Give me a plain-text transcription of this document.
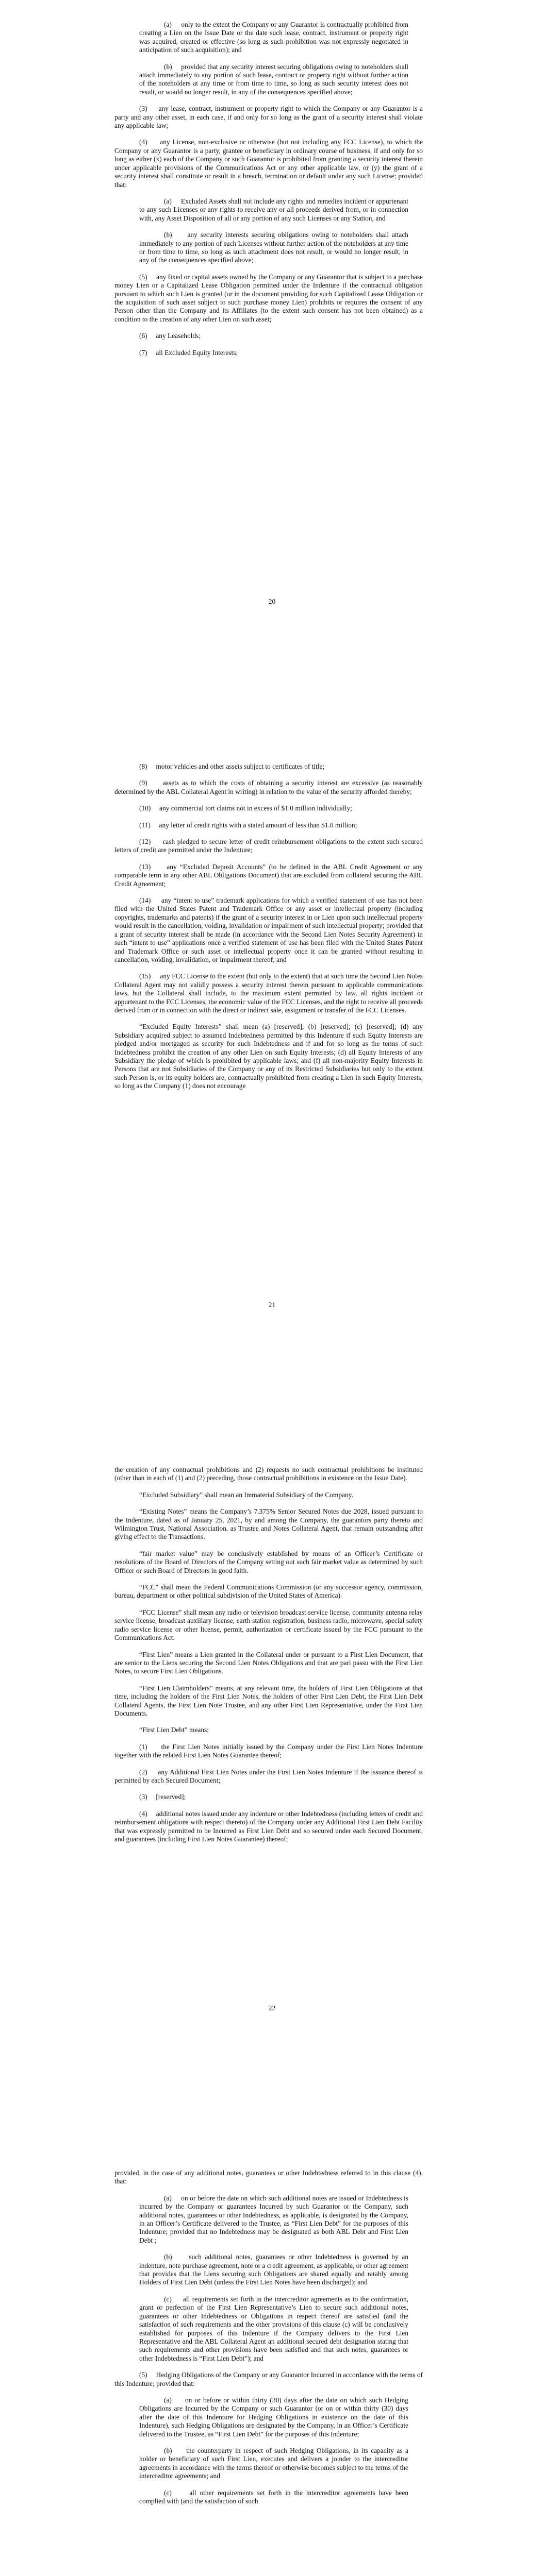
(a)     only to the extent the Company or any Guarantor is contractually prohibited from creating a Lien on the Issue Date or the date such lease, contract, instrument or property right was acquired, created or effective (so long as such prohibition was not expressly negotiated in anticipation of such acquisition); and

(b)     provided that any security interest securing obligations owing to noteholders shall attach immediately to any portion of such lease, contract or property right without further action of the noteholders at any time or from time to time, so long as such security interest does not result, or would no longer result, in any of the consequences specified above;

(3)     any lease, contract, instrument or property right to which the Company or any Guarantor is a party and any other asset, in each case, if and only for so long as the grant of a security interest shall violate any applicable law;

(4)     any License, non-exclusive or otherwise (but not including any FCC License), to which the Company or any Guarantor is a party, grantee or beneficiary in ordinary course of business, if and only for so long as either (x) each of the Company or such Guarantor is prohibited from granting a security interest therein under applicable provisions of the Communications Act or any other applicable law, or (y) the grant of a security interest shall constitute or result in a breach, termination or default under any such License; provided that:

(a)     Excluded Assets shall not include any rights and remedies incident or appurtenant to any such Licenses or any rights to receive any or all proceeds derived from, or in connection with, any Asset Disposition of all or any portion of any such Licenses or any Station, and

(b)     any security interests securing obligations owing to noteholders shall attach immediately to any portion of such Licenses without further action of the noteholders at any time or from time to time, so long as such attachment does not result, or would no longer result, in any of the consequences specified above;

(5)     any fixed or capital assets owned by the Company or any Guarantor that is subject to a purchase money Lien or a Capitalized Lease Obligation permitted under the Indenture if the contractual obligation pursuant to which such Lien is granted (or in the document providing for such Capitalized Lease Obligation or the acquisition of such asset subject to such purchase money Lien) prohibits or requires the consent of any Person other than the Company and its Affiliates (to the extent such consent has not been obtained) as a condition to the creation of any other Lien on such asset;

(6)     any Leaseholds;

(7)     all Excluded Equity Interests;

20

(8)     motor vehicles and other assets subject to certificates of title;

(9)     assets as to which the costs of obtaining a security interest are excessive (as reasonably determined by the ABL Collateral Agent in writing) in relation to the value of the security afforded thereby;

(10)     any commercial tort claims not in excess of $1.0 million individually;

(11)     any letter of credit rights with a stated amount of less than $1.0 million;

(12)     cash pledged to secure letter of credit reimbursement obligations to the extent such secured letters of credit are permitted under the Indenture;

(13)     any “Excluded Deposit Accounts” (to be defined in the ABL Credit Agreement or any comparable term in any other ABL Obligations Document) that are excluded from collateral securing the ABL Credit Agreement;

(14)     any “intent to use” trademark applications for which a verified statement of use has not been filed with the United States Patent and Trademark Office or any asset or intellectual property (including copyrights, trademarks and patents) if the grant of a security interest in or Lien upon such intellectual property would result in the cancellation, voiding, invalidation or impairment of such intellectual property; provided that a grant of security interest shall be made (in accordance with the Second Lien Notes Security Agreement) in such “intent to use” applications once a verified statement of use has been filed with the United States Patent and Trademark Office or such asset or intellectual property once it can be granted without resulting in cancellation, voiding, invalidation, or impairment thereof; and

(15)     any FCC License to the extent (but only to the extent) that at such time the Second Lien Notes Collateral Agent may not validly possess a security interest therein pursuant to applicable communications laws, but the Collateral shall include, to the maximum extent permitted by law, all rights incident or appurtenant to the FCC Licenses, the economic value of the FCC Licenses, and the right to receive all proceeds derived from or in connection with the direct or indirect sale, assignment or transfer of the FCC Licenses.

“Excluded Equity Interests” shall mean (a) [reserved]; (b) [reserved]; (c) [reserved]; (d) any Subsidiary acquired subject to assumed Indebtedness permitted by this Indenture if such Equity Interests are pledged and/or mortgaged as security for such Indebtedness and if and for so long as the terms of such Indebtedness prohibit the creation of any other Lien on such Equity Interests; (d) all Equity Interests of any Subsidiary the pledge of which is prohibited by applicable laws; and (f) all non-majority Equity Interests in Persons that are not Subsidiaries of the Company or any of its Restricted Subsidiaries but only to the extent such Person is, or its equity holders are, contractually prohibited from creating a Lien in such Equity Interests, so long as the Company (1) does not encourage

21

the creation of any contractual prohibitions and (2) requests no such contractual prohibitions be instituted (other than in each of (1) and (2) preceding, those contractual prohibitions in existence on the Issue Date).

“Excluded Subsidiary” shall mean an Immaterial Subsidiary of the Company.

“Existing Notes” means the Company’s 7.375% Senior Secured Notes due 2028, issued pursuant to the Indenture, dated as of January 25, 2021, by and among the Company, the guarantors party thereto and Wilmington Trust, National Association, as Trustee and Notes Collateral Agent, that remain outstanding after giving effect to the Transactions.

“fair market value” may be conclusively established by means of an Officer’s Certificate or resolutions of the Board of Directors of the Company setting out such fair market value as determined by such Officer or such Board of Directors in good faith.

“FCC” shall mean the Federal Communications Commission (or any successor agency, commission, bureau, department or other political subdivision of the United States of America).

“FCC License” shall mean any radio or television broadcast service license, community antenna relay service license, broadcast auxiliary license, earth station registration, business radio, microwave, special safety radio service license or other license, permit, authorization or certificate issued by the FCC pursuant to the Communications Act.

“First Lien” means a Lien granted in the Collateral under or pursuant to a First Lien Document, that are senior to the Liens securing the Second Lien Notes Obligations and that are pari passu with the First Lien Notes, to secure First Lien Obligations.

“First Lien Claimholders” means, at any relevant time, the holders of First Lien Obligations at that time, including the holders of the First Lien Notes, the holders of other First Lien Debt, the First Lien Debt Collateral Agents, the First Lien Note Trustee, and any other First Lien Representative, under the First Lien Documents.

“First Lien Debt” means:

(1)     the First Lien Notes initially issued by the Company under the First Lien Notes Indenture together with the related First Lien Notes Guarantee thereof;

(2)     any Additional First Lien Notes under the First Lien Notes Indenture if the issuance thereof is permitted by each Secured Document;

(3)     [reserved];

(4)     additional notes issued under any indenture or other Indebtedness (including letters of credit and reimbursement obligations with respect thereto) of the Company under any Additional First Lien Debt Facility that was expressly permitted to be Incurred as First Lien Debt and so secured under each Secured Document, and guarantees (including First Lien Notes Guarantee) thereof;

22

provided, in the case of any additional notes, guarantees or other Indebtedness referred to in this clause (4), that:

(a)     on or before the date on which such additional notes are issued or Indebtedness is incurred by the Company or guarantees Incurred by such Guarantor or the Company, such additional notes, guarantees or other Indebtedness, as applicable, is designated by the Company, in an Officer’s Certificate delivered to the Trustee, as “First Lien Debt” for the purposes of this Indenture; provided that no Indebtedness may be designated as both ABL Debt and First Lien Debt ;

(b)     such additional notes, guarantees or other Indebtedness is governed by an indenture, note purchase agreement, note or a credit agreement, as applicable, or other agreement that provides that the Liens securing such Obligations are shared equally and ratably among Holders of First Lien Debt (unless the First Lien Notes have been discharged); and

(c)     all requirements set forth in the intercreditor agreements as to the confirmation, grant or perfection of the First Lien Representative’s Lien to secure such additional notes, guarantees or other Indebtedness or Obligations in respect thereof are satisfied (and the satisfaction of such requirements and the other provisions of this clause (c) will be conclusively established for purposes of this Indenture if the Company delivers to the First Lien Representative and the ABL Collateral Agent an additional secured debt designation stating that such requirements and other provisions have been satisfied and that such notes, guarantees or other Indebtedness is “First Lien Debt”); and

(5)     Hedging Obligations of the Company or any Guarantor Incurred in accordance with the terms of this Indenture; provided that:

(a)     on or before or within thirty (30) days after the date on which such Hedging Obligations are Incurred by the Company or such Guarantor (or on or within thirty (30) days after the date of this Indenture for Hedging Obligations in existence on the date of this Indenture), such Hedging Obligations are designated by the Company, in an Officer’s Certificate delivered to the Trustee, as “First Lien Debt” for the purposes of this Indenture;

(b)     the counterparty in respect of such Hedging Obligations, in its capacity as a holder or beneficiary of such First Lien, executes and delivers a joinder to the intercreditor agreements in accordance with the terms thereof or otherwise becomes subject to the terms of the intercreditor agreements; and

(c)     all other requirements set forth in the intercreditor agreements have been complied with (and the satisfaction of such
